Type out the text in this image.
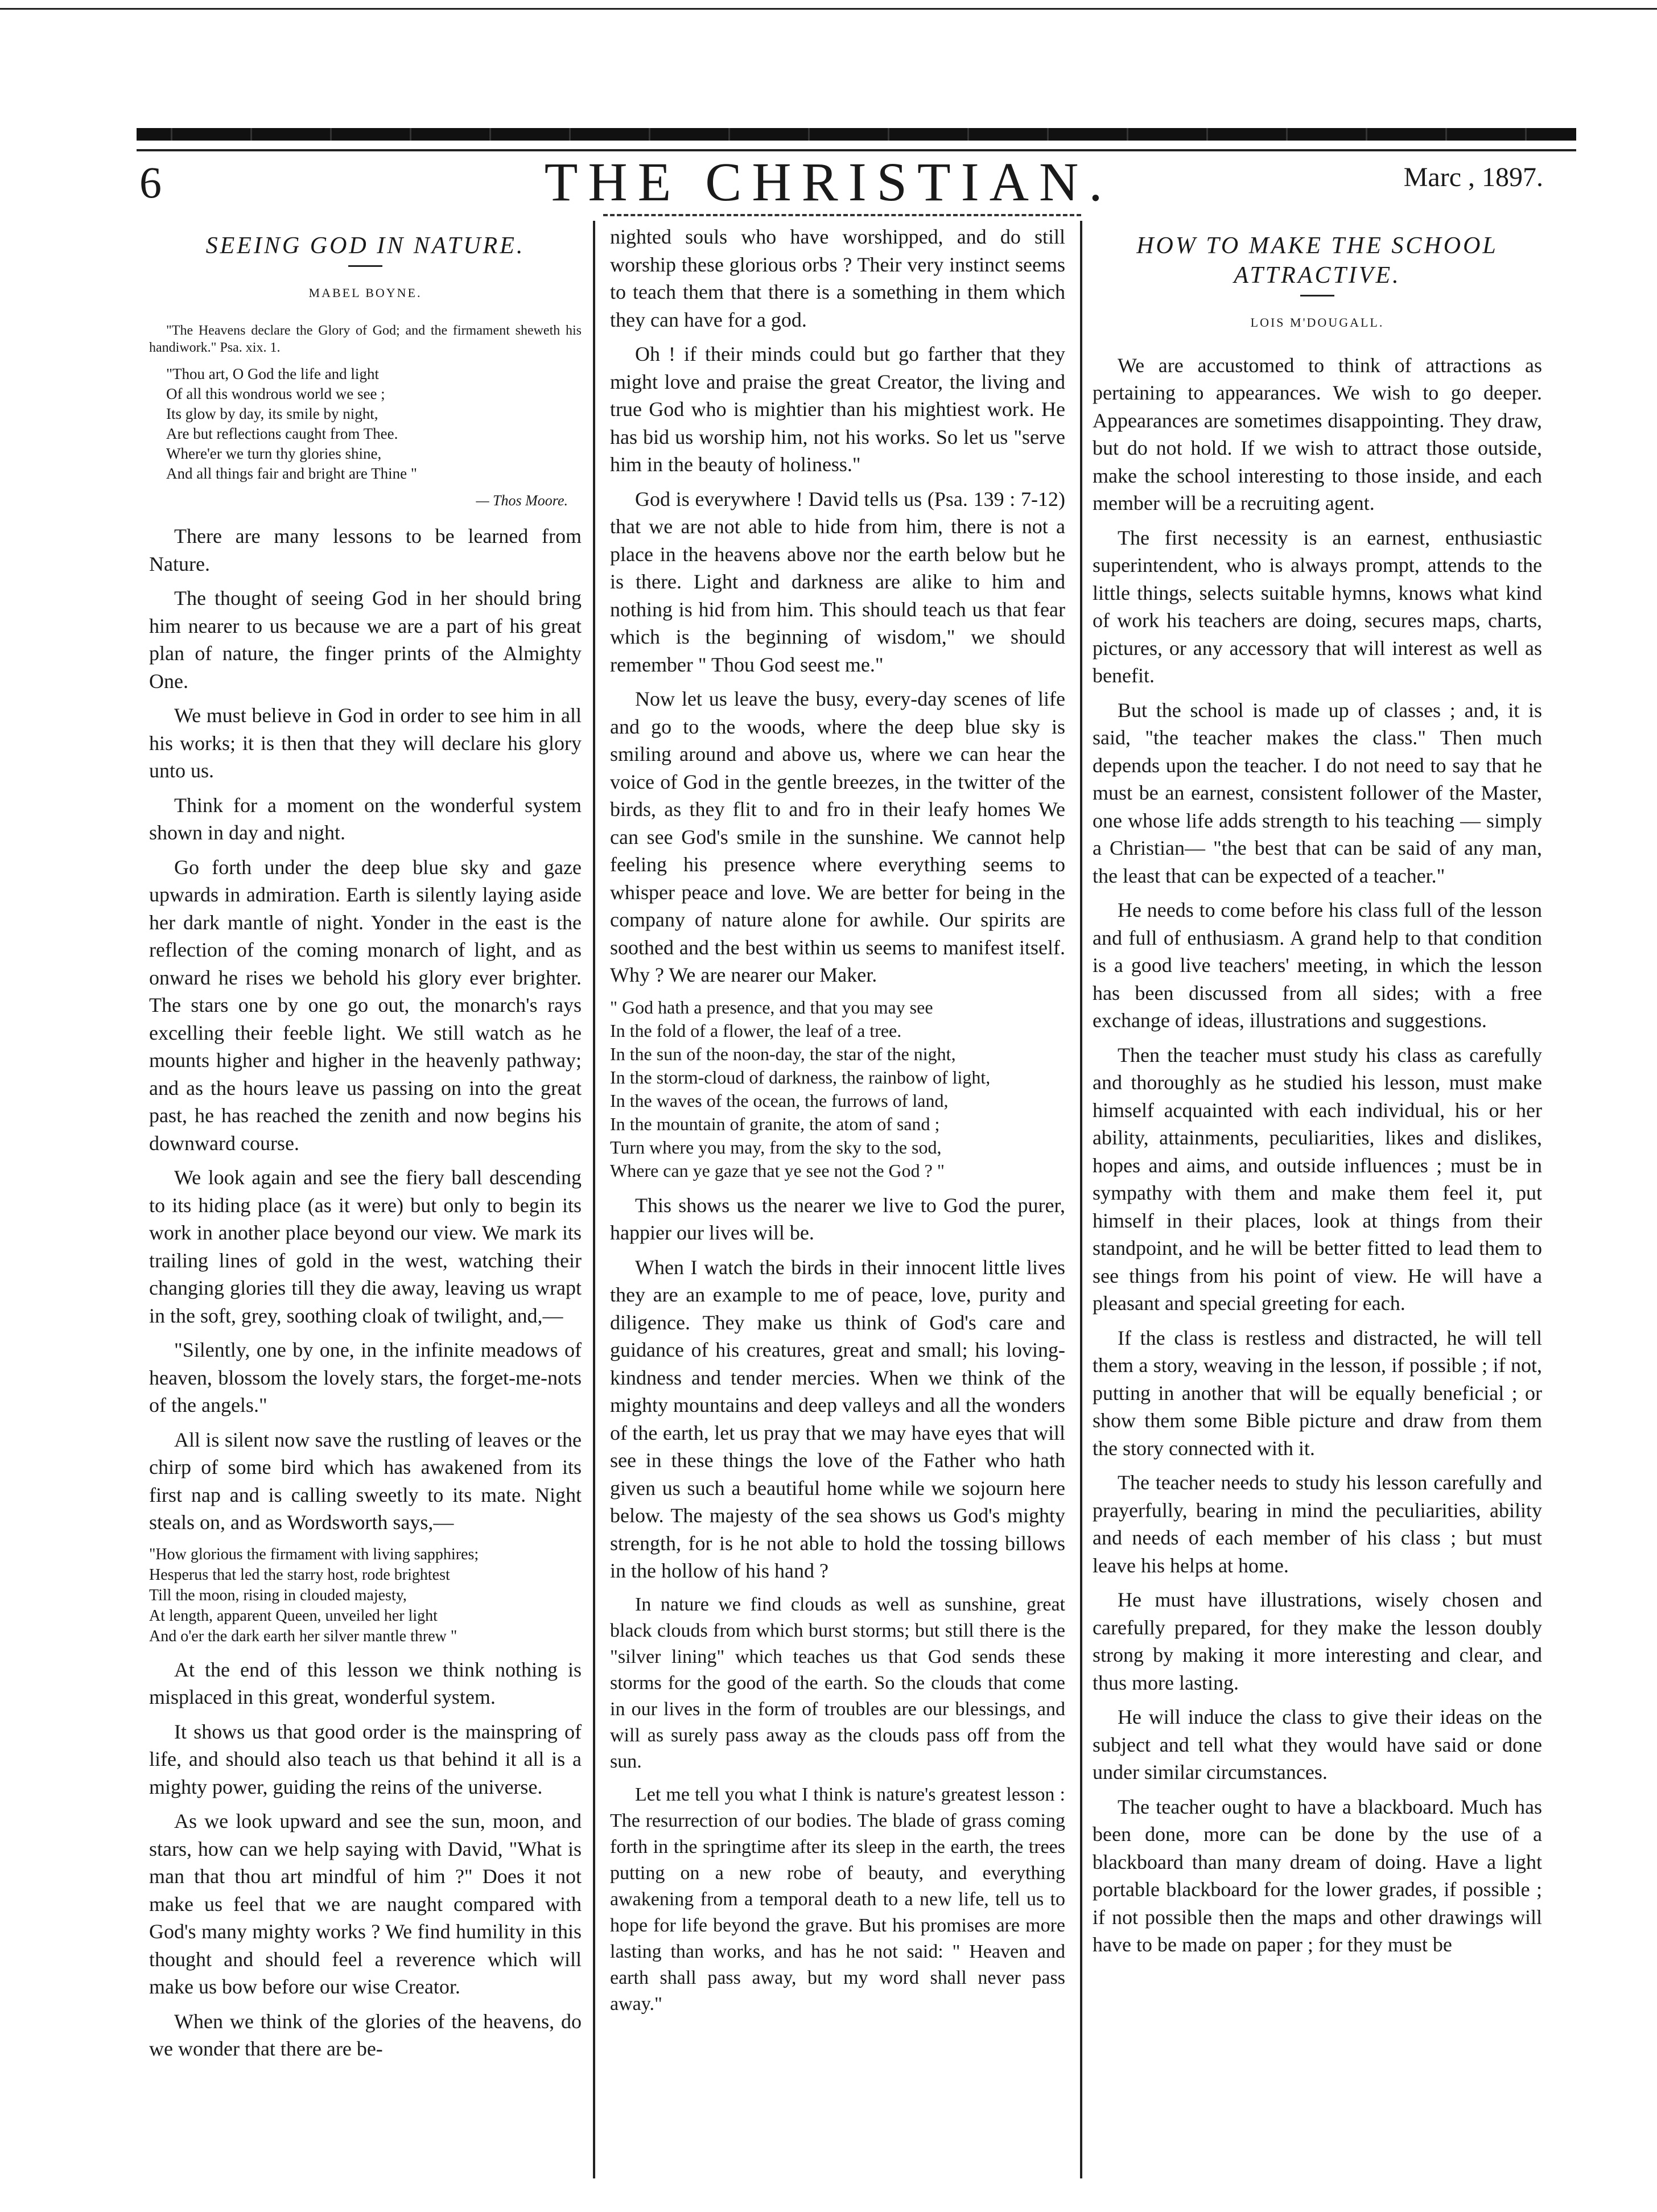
6	THE CHRISTIAN.	Marc , 1897.
SEEING GOD IN NATURE.
MABEL BOYNE.
"The Heavens declare the Glory of God; and the firmament sheweth his handiwork." Psa. xix. 1.
"Thou art, O God the life and light
Of all this wondrous world we see ;
Its glow by day, its smile by night,
Are but reflections caught from Thee.
Where'er we turn thy glories shine,
And all things fair and bright are Thine "
— Thos Moore.

There are many lessons to be learned from Nature.

The thought of seeing God in her should bring him nearer to us because we are a part of his great plan of nature, the finger prints of the Almighty One.

We must believe in God in order to see him in all his works; it is then that they will declare his glory unto us.

Think for a moment on the wonderful system shown in day and night.

Go forth under the deep blue sky and gaze upwards in admiration. Earth is silently laying aside her dark mantle of night. Yonder in the east is the reflection of the coming monarch of light, and as onward he rises we behold his glory ever brighter. The stars one by one go out, the monarch's rays excelling their feeble light. We still watch as he mounts higher and higher in the heavenly pathway; and as the hours leave us passing on into the great past, he has reached the zenith and now begins his downward course.

We look again and see the fiery ball descending to its hiding place (as it were) but only to begin its work in another place beyond our view. We mark its trailing lines of gold in the west, watching their changing glories till they die away, leaving us wrapt in the soft, grey, soothing cloak of twilight, and,—

"Silently, one by one, in the infinite meadows of heaven, blossom the lovely stars, the forget-me-nots of the angels."

All is silent now save the rustling of leaves or the chirp of some bird which has awakened from its first nap and is calling sweetly to its mate. Night steals on, and as Wordsworth says,—

"How glorious the firmament with living sapphires;
Hesperus that led the starry host, rode brightest
Till the moon, rising in clouded majesty,
At length, apparent Queen, unveiled her light
And o'er the dark earth her silver mantle threw "

At the end of this lesson we think nothing is misplaced in this great, wonderful system.

It shows us that good order is the mainspring of life, and should also teach us that behind it all is a mighty power, guiding the reins of the universe.

As we look upward and see the sun, moon, and stars, how can we help saying with David, "What is man that thou art mindful of him ?" Does it not make us feel that we are naught compared with God's many mighty works ? We find humility in this thought and should feel a reverence which will make us bow before our wise Creator.

When we think of the glories of the heavens, do we wonder that there are be-

nighted souls who have worshipped, and do still worship these glorious orbs ? Their very instinct seems to teach them that there is a something in them which they can have for a god.

Oh ! if their minds could but go farther that they might love and praise the great Creator, the living and true God who is mightier than his mightiest work. He has bid us worship him, not his works. So let us "serve him in the beauty of holiness."

God is everywhere ! David tells us (Psa. 139 : 7-12) that we are not able to hide from him, there is not a place in the heavens above nor the earth below but he is there. Light and darkness are alike to him and nothing is hid from him. This should teach us that fear which is the beginning of wisdom," we should remember " Thou God seest me."

Now let us leave the busy, every-day scenes of life and go to the woods, where the deep blue sky is smiling around and above us, where we can hear the voice of God in the gentle breezes, in the twitter of the birds, as they flit to and fro in their leafy homes We can see God's smile in the sunshine. We cannot help feeling his presence where everything seems to whisper peace and love. We are better for being in the company of nature alone for awhile. Our spirits are soothed and the best within us seems to manifest itself. Why ? We are nearer our Maker.

" God hath a presence, and that you may see
In the fold of a flower, the leaf of a tree.
In the sun of the noon-day, the star of the night,
In the storm-cloud of darkness, the rainbow of light,
In the waves of the ocean, the furrows of land,
In the mountain of granite, the atom of sand ;
Turn where you may, from the sky to the sod,
Where can ye gaze that ye see not the God ? "

This shows us the nearer we live to God the purer, happier our lives will be.

When I watch the birds in their innocent little lives they are an example to me of peace, love, purity and diligence. They make us think of God's care and guidance of his creatures, great and small; his loving-kindness and tender mercies. When we think of the mighty mountains and deep valleys and all the wonders of the earth, let us pray that we may have eyes that will see in these things the love of the Father who hath given us such a beautiful home while we sojourn here below. The majesty of the sea shows us God's mighty strength, for is he not able to hold the tossing billows in the hollow of his hand ?

In nature we find clouds as well as sunshine, great black clouds from which burst storms; but still there is the "silver lining" which teaches us that God sends these storms for the good of the earth. So the clouds that come in our lives in the form of troubles are our blessings, and will as surely pass away as the clouds pass off from the sun.

Let me tell you what I think is nature's greatest lesson : The resurrection of our bodies. The blade of grass coming forth in the springtime after its sleep in the earth, the trees putting on a new robe of beauty, and everything awakening from a temporal death to a new life, tell us to hope for life beyond the grave. But his promises are more lasting than works, and has he not said: " Heaven and earth shall pass away, but my word shall never pass away."

HOW TO MAKE THE SCHOOL ATTRACTIVE.
LOIS M'DOUGALL.

We are accustomed to think of attractions as pertaining to appearances. We wish to go deeper. Appearances are sometimes disappointing. They draw, but do not hold. If we wish to attract those outside, make the school interesting to those inside, and each member will be a recruiting agent.

The first necessity is an earnest, enthusiastic superintendent, who is always prompt, attends to the little things, selects suitable hymns, knows what kind of work his teachers are doing, secures maps, charts, pictures, or any accessory that will interest as well as benefit.

But the school is made up of classes ; and, it is said, "the teacher makes the class." Then much depends upon the teacher. I do not need to say that he must be an earnest, consistent follower of the Master, one whose life adds strength to his teaching — simply a Christian— "the best that can be said of any man, the least that can be expected of a teacher."

He needs to come before his class full of the lesson and full of enthusiasm. A grand help to that condition is a good live teachers' meeting, in which the lesson has been discussed from all sides; with a free exchange of ideas, illustrations and suggestions.

Then the teacher must study his class as carefully and thoroughly as he studied his lesson, must make himself acquainted with each individual, his or her ability, attainments, peculiarities, likes and dislikes, hopes and aims, and outside influences ; must be in sympathy with them and make them feel it, put himself in their places, look at things from their standpoint, and he will be better fitted to lead them to see things from his point of view. He will have a pleasant and special greeting for each.

If the class is restless and distracted, he will tell them a story, weaving in the lesson, if possible ; if not, putting in another that will be equally beneficial ; or show them some Bible picture and draw from them the story connected with it.

The teacher needs to study his lesson carefully and prayerfully, bearing in mind the peculiarities, ability and needs of each member of his class ; but must leave his helps at home.

He must have illustrations, wisely chosen and carefully prepared, for they make the lesson doubly strong by making it more interesting and clear, and thus more lasting.

He will induce the class to give their ideas on the subject and tell what they would have said or done under similar circumstances.

The teacher ought to have a blackboard. Much has been done, more can be done by the use of a blackboard than many dream of doing. Have a light portable blackboard for the lower grades, if possible ; if not possible then the maps and other drawings will have to be made on paper ; for they must be
